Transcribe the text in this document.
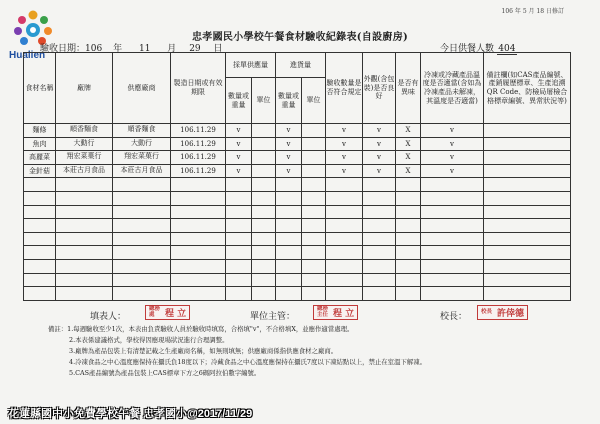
Hualien
106 年 5 月 18 日修訂
忠孝國民小學校午餐食材驗收紀錄表(自設廚房)
驗收日期：106 年 11 月 29 日	今日供餐人數 404
食材名稱	廠牌	供應廠商	製造日期或有效期限	採單供應量		進貨量		驗收數量是否符合規定	外觀(含包裝)是否良好	是否有異味	冷凍或冷藏產品溫度是否適當(含如為冷凍產品未解凍，其溫度是否適當)	備註欄(如CAS產品編號、產銷履歷標章、生產追溯QR Code、防檢局屠檢合格標章編號、異常狀況等)
				數量或重量	單位	數量或重量	單位					
麵條	順香麵食	順香麵食	106.11.29	v		v		v	v	X	v	
魚肉	大動行	大動行	106.11.29	v		v		v	v	X	v	
高麗菜	翔宏菜菓行	翔宏菜菓行	106.11.29	v		v		v	v	X	v	
金針菇	本莊古月食品	本莊古月食品	106.11.29	v		v		v	v	X	v	

填表人：
總務處	程 立	單位主管：
總務主任 程 立	校長：
校長 許倖德
備註：1.每週驗收至少1次，本表由負責驗收人員於驗收時填寫，合格填"v"，不合格填X，並應作適當處理。
2.本表係建議格式，學校得因應現場狀況進行合理調整。
3.廠牌為產品包裝上有清楚記載之生產廠商名稱，如無則填無；供應廠商係指供應食材之廠商。
4.冷凍食品之中心溫度應保持在攝氏負18度以下；冷藏食品之中心溫度應保持在攝氏7度以下凍結點以上，禁止在室溫下解凍。
5.CAS產品編號為產品包裝上CAS標章下方之6碼阿拉伯數字編號。
花蓮縣國中小免費學校午餐 忠孝國小@2017/11/29
